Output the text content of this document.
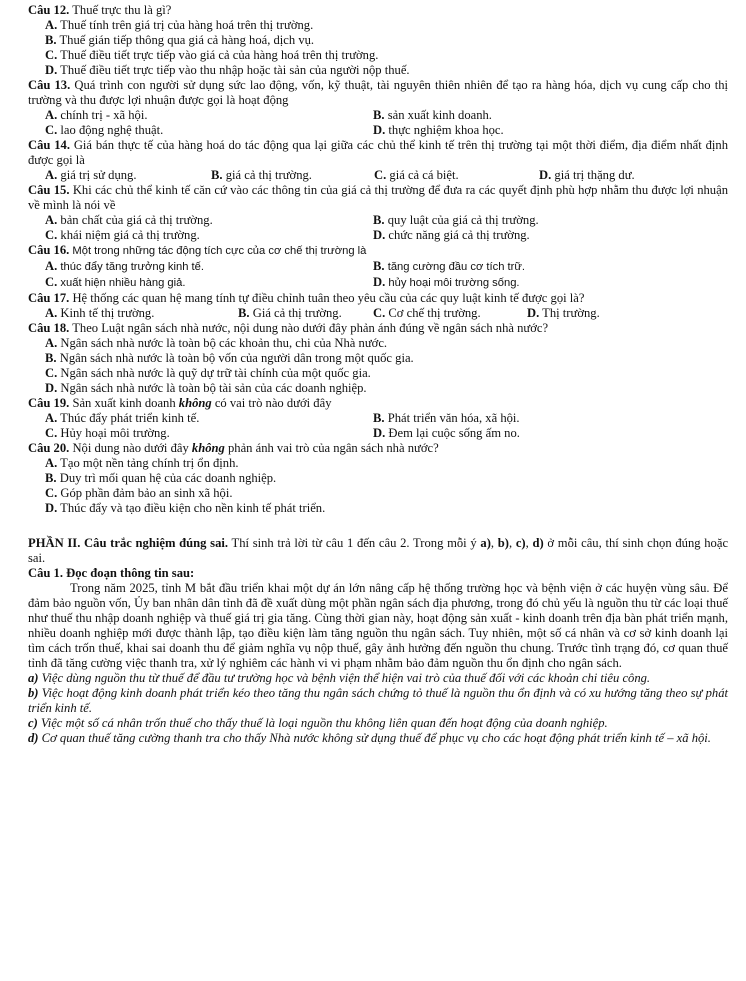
Câu 12. Thuế trực thu là gì?

A. Thuế tính trên giá trị của hàng hoá trên thị trường.

B. Thuế gián tiếp thông qua giá cả hàng hoá, dịch vụ.

C. Thuế điều tiết trực tiếp vào giá cả của hàng hoá trên thị trường.

D. Thuế điều tiết trực tiếp vào thu nhập hoặc tài sản của người nộp thuế.

Câu 13. Quá trình con người sử dụng sức lao động, vốn, kỹ thuật, tài nguyên thiên nhiên để tạo ra hàng hóa, dịch vụ cung cấp cho thị trường và thu được lợi nhuận được gọi là hoạt động

A. chính trị - xã hội.	B. sản xuất kinh doanh.
C. lao động nghệ thuật.	D. thực nghiệm khoa học.

Câu 14. Giá bán thực tế của hàng hoá do tác động qua lại giữa các chủ thể kinh tế trên thị trường tại một thời điểm, địa điểm nhất định được gọi là

A. giá trị sử dụng.	B. giá cả thị trường.	C. giá cả cá biệt.	D. giá trị thặng dư.

Câu 15. Khi các chủ thể kinh tế căn cứ vào các thông tin của giá cả thị trường để đưa ra các quyết định phù hợp nhằm thu được lợi nhuận về mình là nói về

A. bản chất của giá cả thị trường.	B. quy luật của giá cả thị trường.
C. khái niệm giá cả thị trường.	D. chức năng giá cả thị trường.

Câu 16. Một trong những tác động tích cực của cơ chế thị trường là

A. thúc đẩy tăng trưởng kinh tế.	B. tăng cường đầu cơ tích trữ.
C. xuất hiện nhiều hàng giả.	D. hủy hoại môi trường sống.

Câu 17. Hệ thống các quan hệ mang tính tự điều chỉnh tuân theo yêu cầu của các quy luật kinh tế được gọi là?

A. Kinh tế thị trường.	B. Giá cả thị trường.	C. Cơ chế thị trường.	D. Thị trường.

Câu 18. Theo Luật ngân sách nhà nước, nội dung nào dưới đây phản ánh đúng về ngân sách nhà nước?

A. Ngân sách nhà nước là toàn bộ các khoản thu, chi của Nhà nước.

B. Ngân sách nhà nước là toàn bộ vốn của người dân trong một quốc gia.

C. Ngân sách nhà nước là quỹ dự trữ tài chính của một quốc gia.

D. Ngân sách nhà nước là toàn bộ tài sản của các doanh nghiệp.

Câu 19. Sản xuất kinh doanh không có vai trò nào dưới đây

A. Thúc đẩy phát triển kinh tế.	B. Phát triển văn hóa, xã hội.
C. Hủy hoại môi trường.	D. Đem lại cuộc sống ấm no.

Câu 20. Nội dung nào dưới đây không phản ánh vai trò của ngân sách nhà nước?

A. Tạo một nền tảng chính trị ổn định.

B. Duy trì mối quan hệ của các doanh nghiệp.

C. Góp phần đảm bảo an sinh xã hội.

D. Thúc đẩy và tạo điều kiện cho nền kinh tế phát triển.

PHẦN II. Câu trắc nghiệm đúng sai. Thí sinh trả lời từ câu 1 đến câu 2. Trong mỗi ý a), b), c), d) ở mỗi câu, thí sinh chọn đúng hoặc sai.

Câu 1. Đọc đoạn thông tin sau:

Trong năm 2025, tỉnh M bắt đầu triển khai một dự án lớn nâng cấp hệ thống trường học và bệnh viện ở các huyện vùng sâu. Để đảm bảo nguồn vốn, Ủy ban nhân dân tỉnh đã đề xuất dùng một phần ngân sách địa phương, trong đó chủ yếu là nguồn thu từ các loại thuế như thuế thu nhập doanh nghiệp và thuế giá trị gia tăng. Cùng thời gian này, hoạt động sản xuất - kinh doanh trên địa bàn phát triển mạnh, nhiều doanh nghiệp mới được thành lập, tạo điều kiện làm tăng nguồn thu ngân sách. Tuy nhiên, một số cá nhân và cơ sở kinh doanh lại tìm cách trốn thuế, khai sai doanh thu để giảm nghĩa vụ nộp thuế, gây ảnh hưởng đến nguồn thu chung. Trước tình trạng đó, cơ quan thuế tỉnh đã tăng cường việc thanh tra, xử lý nghiêm các hành vi vi phạm nhằm bảo đảm nguồn thu ổn định cho ngân sách.

a) Việc dùng nguồn thu từ thuế để đầu tư trường học và bệnh viện thể hiện vai trò của thuế đối với các khoản chi tiêu công.

b) Việc hoạt động kinh doanh phát triển kéo theo tăng thu ngân sách chứng tỏ thuế là nguồn thu ổn định và có xu hướng tăng theo sự phát triển kinh tế.

c) Việc một số cá nhân trốn thuế cho thấy thuế là loại nguồn thu không liên quan đến hoạt động của doanh nghiệp.

d) Cơ quan thuế tăng cường thanh tra cho thấy Nhà nước không sử dụng thuế để phục vụ cho các hoạt động phát triển kinh tế – xã hội.
